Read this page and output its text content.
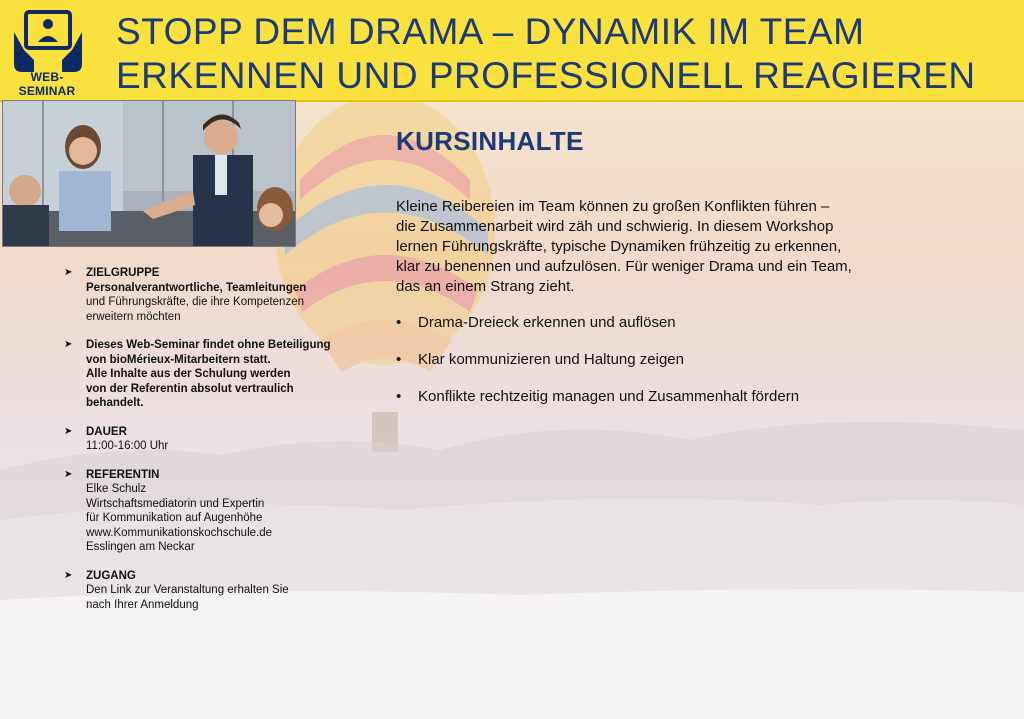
WEB-SEMINAR
STOPP DEM DRAMA – DYNAMIK IM TEAM
ERKENNEN UND PROFESSIONELL REAGIEREN
➤ ZIELGRUPPE
Personalverantwortliche, Teamleitungen
und Führungskräfte, die ihre Kompetenzen
erweitern möchten
➤ Dieses Web-Seminar findet ohne Beteiligung
von bioMérieux-Mitarbeitern statt.
Alle Inhalte aus der Schulung werden
von der Referentin absolut vertraulich
behandelt.
➤ DAUER
11:00-16:00 Uhr
➤ REFERENTIN
Elke Schulz
Wirtschaftsmediatorin und Expertin
für Kommunikation auf Augenhöhe
www.Kommunikationskochschule.de
Esslingen am Neckar
➤ ZUGANG
Den Link zur Veranstaltung erhalten Sie
nach Ihrer Anmeldung
KURSINHALTE
Kleine Reibereien im Team können zu großen Konflikten führen –
die Zusammenarbeit wird zäh und schwierig. In diesem Workshop
lernen Führungskräfte, typische Dynamiken frühzeitig zu erkennen,
klar zu benennen und aufzulösen. Für weniger Drama und ein Team,
das an einem Strang zieht.
• Drama-Dreieck erkennen und auflösen
• Klar kommunizieren und Haltung zeigen
• Konflikte rechtzeitig managen und Zusammenhalt fördern
